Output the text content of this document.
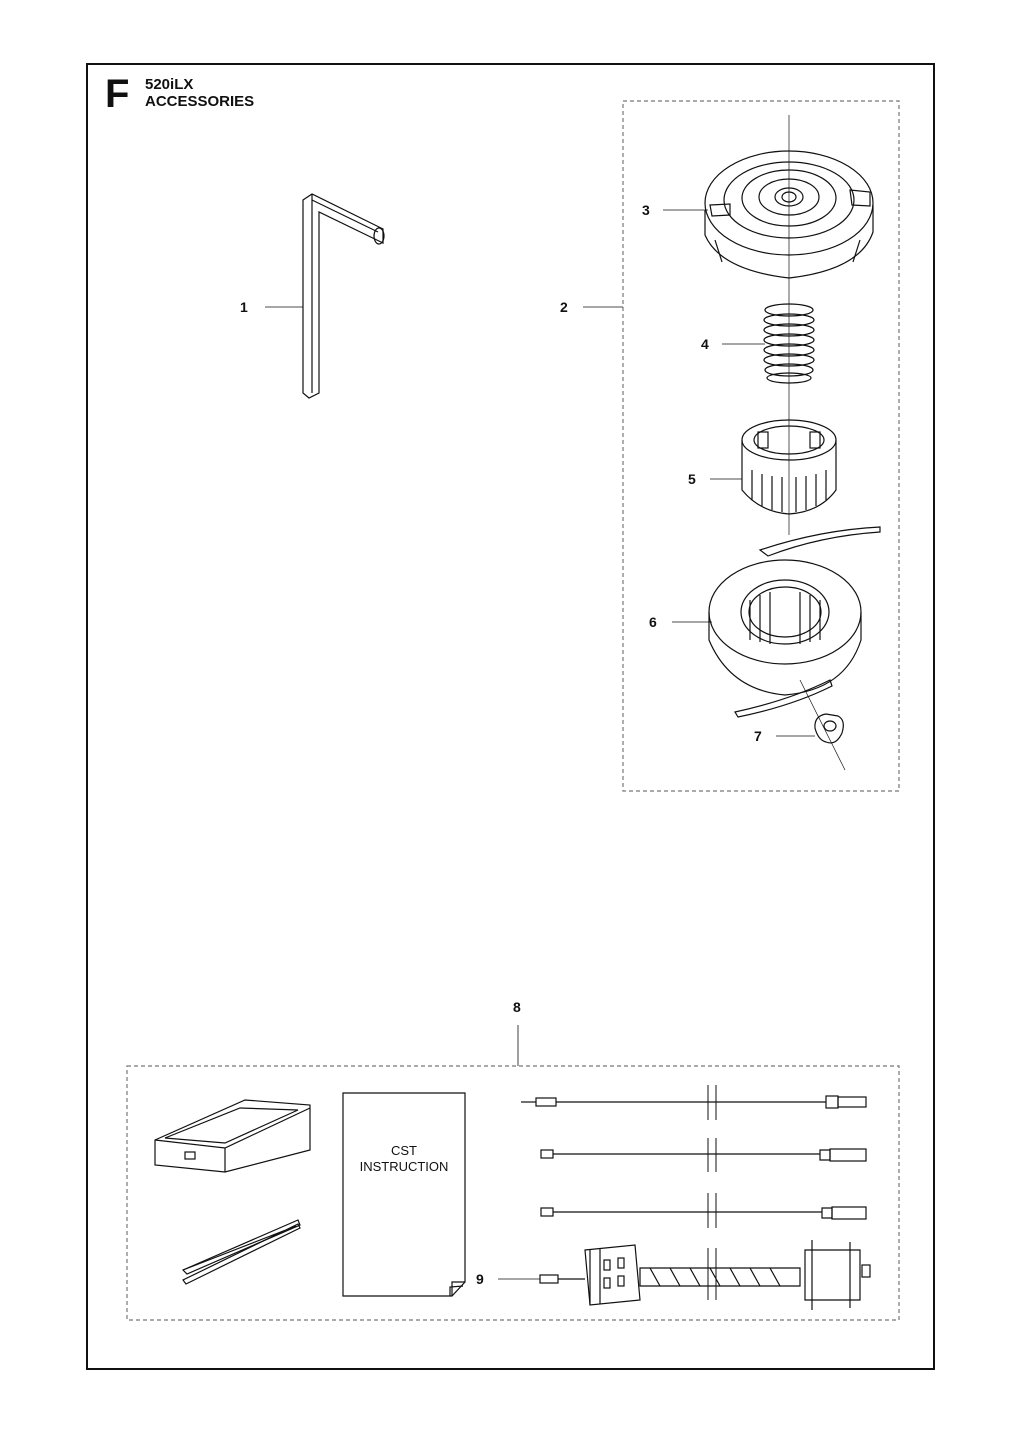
F 520iLX
ACCESSORIES
1	2
3
4
5
6
7
8
9
CST
INSTRUCTION
